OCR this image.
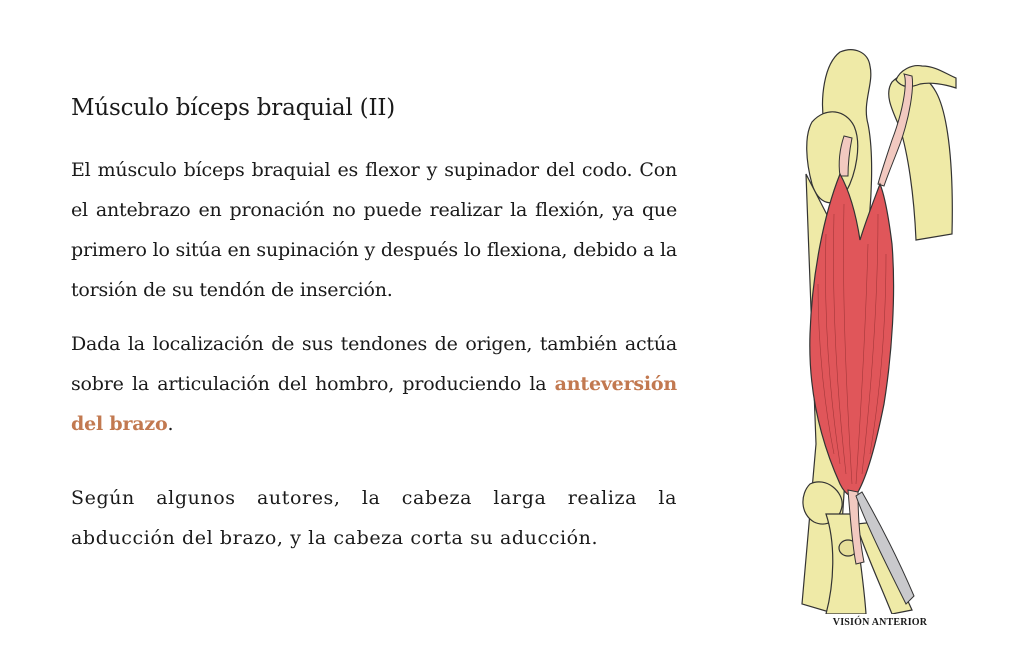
Músculo bíceps braquial (II)

El músculo bíceps braquial es flexor y supinador del codo. Con el antebrazo en pronación no puede realizar la flexión, ya que primero lo sitúa en supinación y después lo flexiona, debido a la torsión de su tendón de inserción.

Dada la localización de sus tendones de origen, también actúa sobre la articulación del hombro, produciendo la anteversión del brazo.

Según algunos autores, la cabeza larga realiza la abducción del brazo, y la cabeza corta su aducción.

VISIÓN ANTERIOR
